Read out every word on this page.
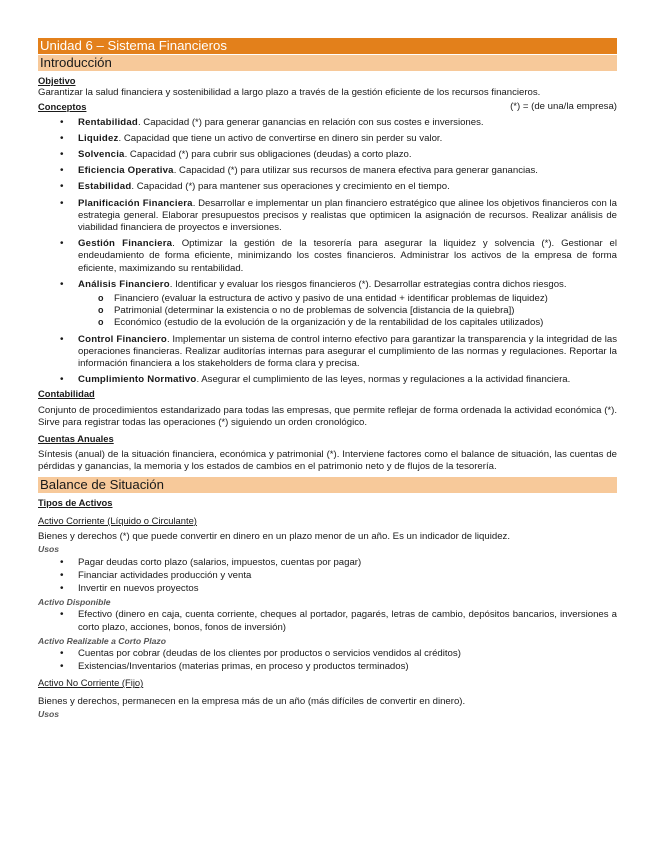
Unidad 6 – Sistema Financieros
Introducción
Objetivo
Garantizar la salud financiera y sostenibilidad a largo plazo a través de la gestión eficiente de los recursos financieros.
Conceptos	(*) = (de una/la empresa)
• Rentabilidad. Capacidad (*) para generar ganancias en relación con sus costes e inversiones.
• Liquidez. Capacidad que tiene un activo de convertirse en dinero sin perder su valor.
• Solvencia. Capacidad (*) para cubrir sus obligaciones (deudas) a corto plazo.
• Eficiencia Operativa. Capacidad (*) para utilizar sus recursos de manera efectiva para generar ganancias.
• Estabilidad. Capacidad (*) para mantener sus operaciones y crecimiento en el tiempo.
• Planificación Financiera. Desarrollar e implementar un plan financiero estratégico que alinee los objetivos financieros con la estrategia general. Elaborar presupuestos precisos y realistas que optimicen la asignación de recursos. Realizar análisis de viabilidad financiera de proyectos e inversiones.
• Gestión Financiera. Optimizar la gestión de la tesorería para asegurar la liquidez y solvencia (*). Gestionar el endeudamiento de forma eficiente, minimizando los costes financieros. Administrar los activos de la empresa de forma eficiente, maximizando su rentabilidad.
• Análisis Financiero. Identificar y evaluar los riesgos financieros (*). Desarrollar estrategias contra dichos riesgos.
o Financiero (evaluar la estructura de activo y pasivo de una entidad + identificar problemas de liquidez)
o Patrimonial (determinar la existencia o no de problemas de solvencia [distancia de la quiebra])
o Económico (estudio de la evolución de la organización y de la rentabilidad de los capitales utilizados)
• Control Financiero. Implementar un sistema de control interno efectivo para garantizar la transparencia y la integridad de las operaciones financieras. Realizar auditorías internas para asegurar el cumplimiento de las normas y regulaciones. Reportar la información financiera a los stakeholders de forma clara y precisa.
• Cumplimiento Normativo. Asegurar el cumplimiento de las leyes, normas y regulaciones a la actividad financiera.
Contabilidad
Conjunto de procedimientos estandarizado para todas las empresas, que permite reflejar de forma ordenada la actividad económica (*). Sirve para registrar todas las operaciones (*) siguiendo un orden cronológico.
Cuentas Anuales
Síntesis (anual) de la situación financiera, económica y patrimonial (*). Interviene factores como el balance de situación, las cuentas de pérdidas y ganancias, la memoria y los estados de cambios en el patrimonio neto y de flujos de la tesorería.
Balance de Situación
Tipos de Activos
Activo Corriente (Líquido o Circulante)
Bienes y derechos (*) que puede convertir en dinero en un plazo menor de un año. Es un indicador de liquidez.
Usos
• Pagar deudas corto plazo (salarios, impuestos, cuentas por pagar)
• Financiar actividades producción y venta
• Invertir en nuevos proyectos
Activo Disponible
• Efectivo (dinero en caja, cuenta corriente, cheques al portador, pagarés, letras de cambio, depósitos bancarios, inversiones a corto plazo, acciones, bonos, fonos de inversión)
Activo Realizable a Corto Plazo
• Cuentas por cobrar (deudas de los clientes por productos o servicios vendidos al créditos)
• Existencias/Inventarios (materias primas, en proceso y productos terminados)
Activo No Corriente (Fijo)
Bienes y derechos, permanecen en la empresa más de un año (más difíciles de convertir en dinero).
Usos
